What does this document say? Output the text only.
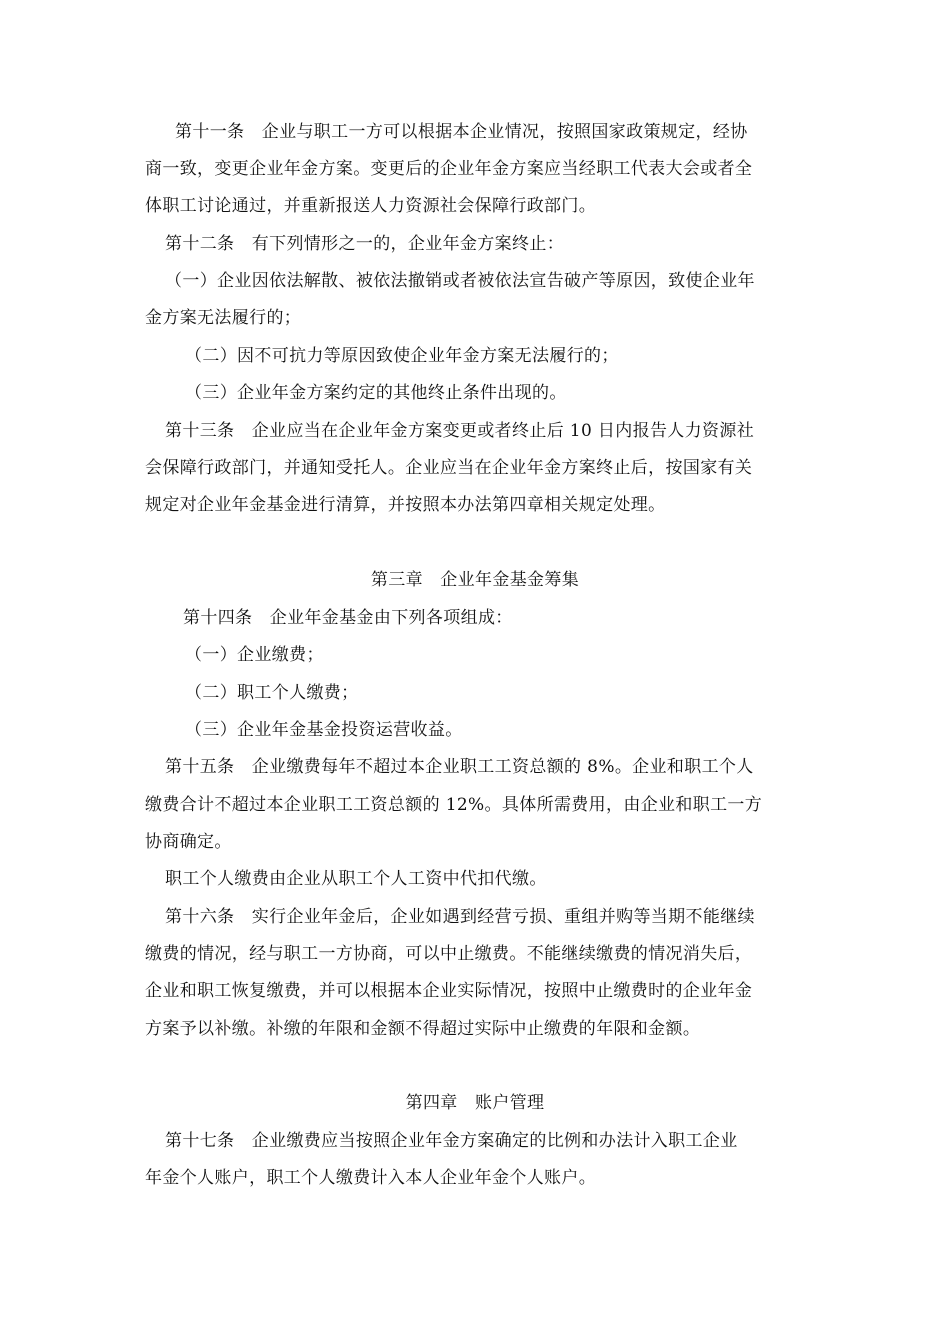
第十一条　企业与职工一方可以根据本企业情况，按照国家政策规定，经协
商一致，变更企业年金方案。变更后的企业年金方案应当经职工代表大会或者全
体职工讨论通过，并重新报送人力资源社会保障行政部门。
第十二条　有下列情形之一的，企业年金方案终止：
（一）企业因依法解散、被依法撤销或者被依法宣告破产等原因，致使企业年
金方案无法履行的；
（二）因不可抗力等原因致使企业年金方案无法履行的；
（三）企业年金方案约定的其他终止条件出现的。
第十三条　企业应当在企业年金方案变更或者终止后 10 日内报告人力资源社
会保障行政部门，并通知受托人。企业应当在企业年金方案终止后，按国家有关
规定对企业年金基金进行清算，并按照本办法第四章相关规定处理。
第三章　企业年金基金筹集
第十四条　企业年金基金由下列各项组成：
（一）企业缴费；
（二）职工个人缴费；
（三）企业年金基金投资运营收益。
第十五条　企业缴费每年不超过本企业职工工资总额的 8%。企业和职工个人
缴费合计不超过本企业职工工资总额的 12%。具体所需费用，由企业和职工一方
协商确定。
职工个人缴费由企业从职工个人工资中代扣代缴。
第十六条　实行企业年金后，企业如遇到经营亏损、重组并购等当期不能继续
缴费的情况，经与职工一方协商，可以中止缴费。不能继续缴费的情况消失后，
企业和职工恢复缴费，并可以根据本企业实际情况，按照中止缴费时的企业年金
方案予以补缴。补缴的年限和金额不得超过实际中止缴费的年限和金额。
第四章　账户管理
第十七条　企业缴费应当按照企业年金方案确定的比例和办法计入职工企业
年金个人账户，职工个人缴费计入本人企业年金个人账户。
